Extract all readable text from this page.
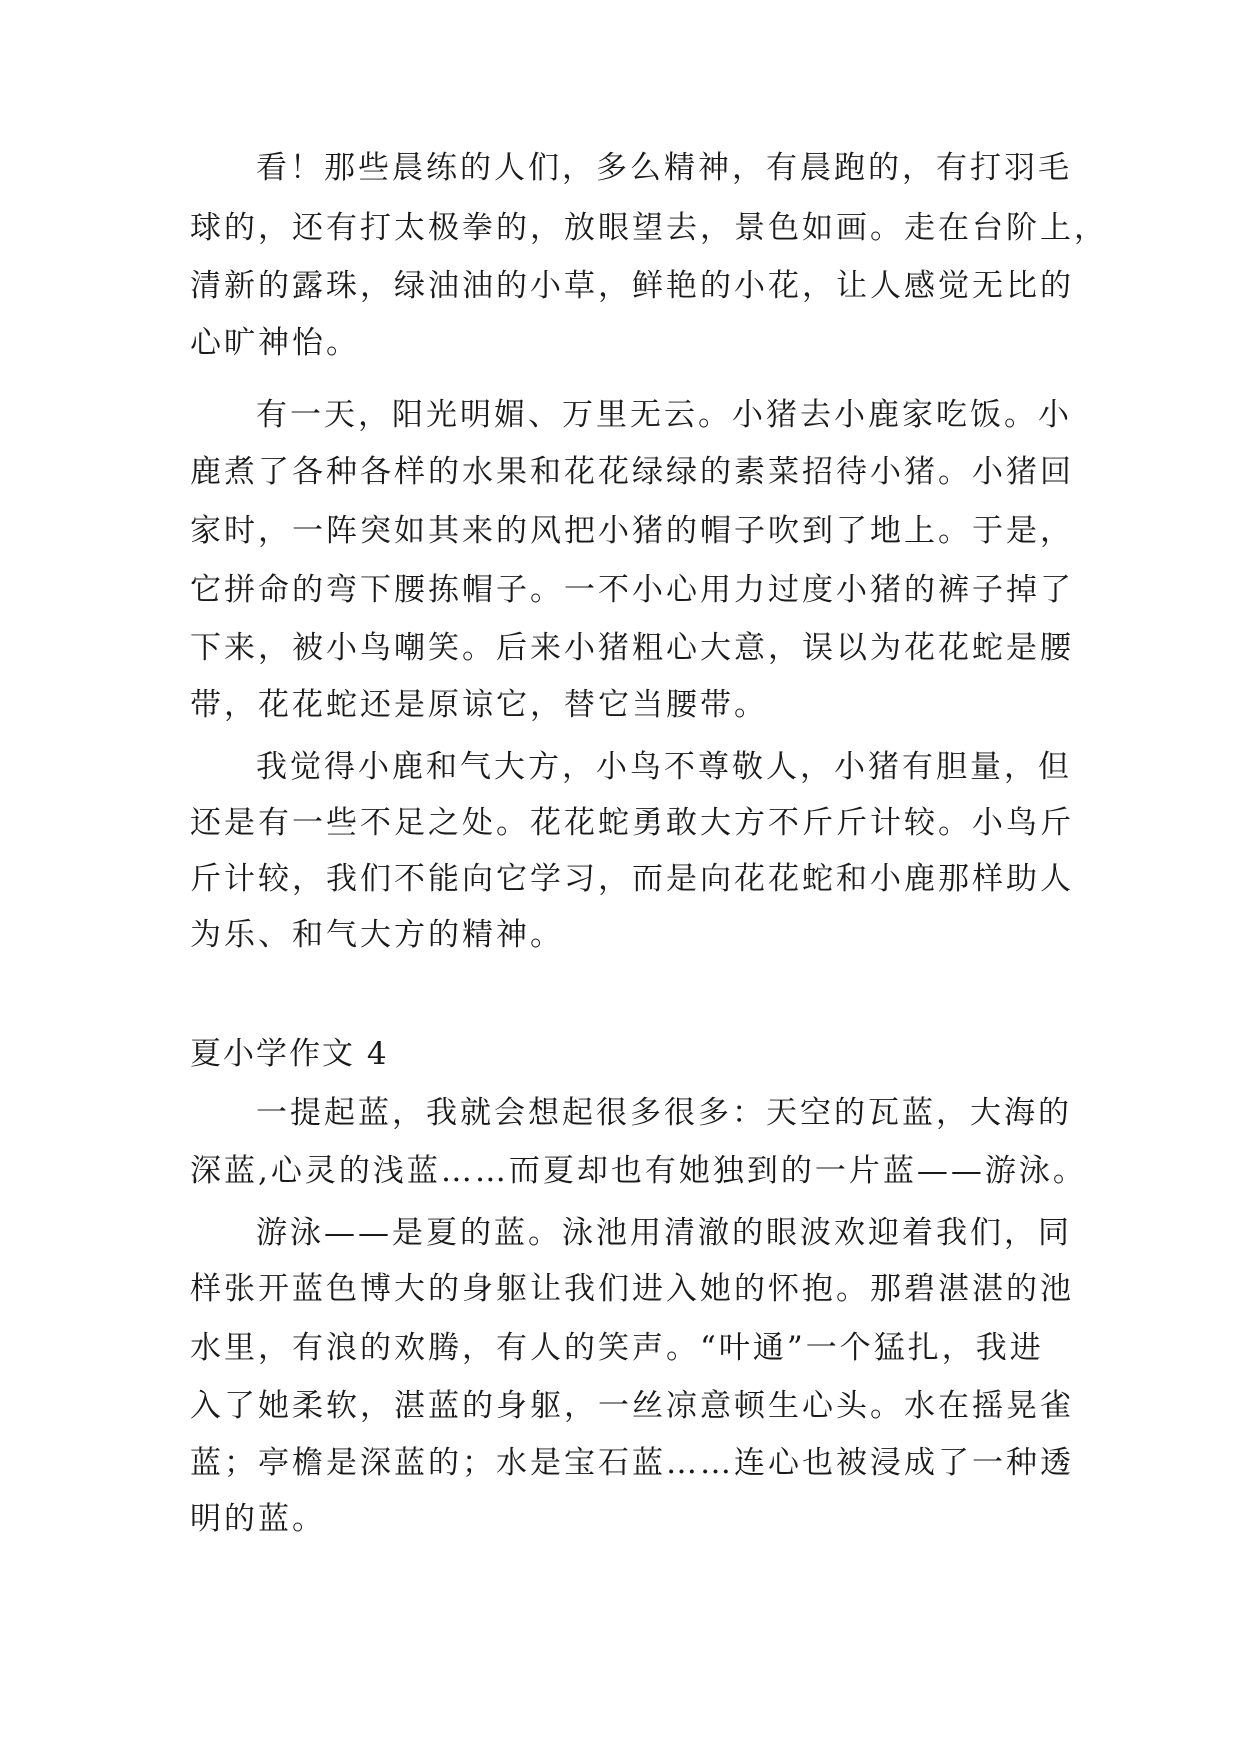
看！那些晨练的人们，多么精神，有晨跑的，有打羽毛
球的，还有打太极拳的，放眼望去，景色如画。走在台阶上，
清新的露珠，绿油油的小草，鲜艳的小花，让人感觉无比的
心旷神怡。
有一天，阳光明媚、万里无云。小猪去小鹿家吃饭。小
鹿煮了各种各样的水果和花花绿绿的素菜招待小猪。小猪回
家时，一阵突如其来的风把小猪的帽子吹到了地上。于是，
它拼命的弯下腰拣帽子。一不小心用力过度小猪的裤子掉了
下来，被小鸟嘲笑。后来小猪粗心大意，误以为花花蛇是腰
带，花花蛇还是原谅它，替它当腰带。
我觉得小鹿和气大方，小鸟不尊敬人，小猪有胆量，但
还是有一些不足之处。花花蛇勇敢大方不斤斤计较。小鸟斤
斤计较，我们不能向它学习，而是向花花蛇和小鹿那样助人
为乐、和气大方的精神。
夏小学作文 4
一提起蓝，我就会想起很多很多：天空的瓦蓝，大海的
深蓝,心灵的浅蓝……而夏却也有她独到的一片蓝——游泳。
游泳——是夏的蓝。泳池用清澈的眼波欢迎着我们，同
样张开蓝色博大的身躯让我们进入她的怀抱。那碧湛湛的池
水里，有浪的欢腾，有人的笑声。“叶通”一个猛扎，我进
入了她柔软，湛蓝的身躯，一丝凉意顿生心头。水在摇晃雀
蓝；亭檐是深蓝的；水是宝石蓝……连心也被浸成了一种透
明的蓝。
